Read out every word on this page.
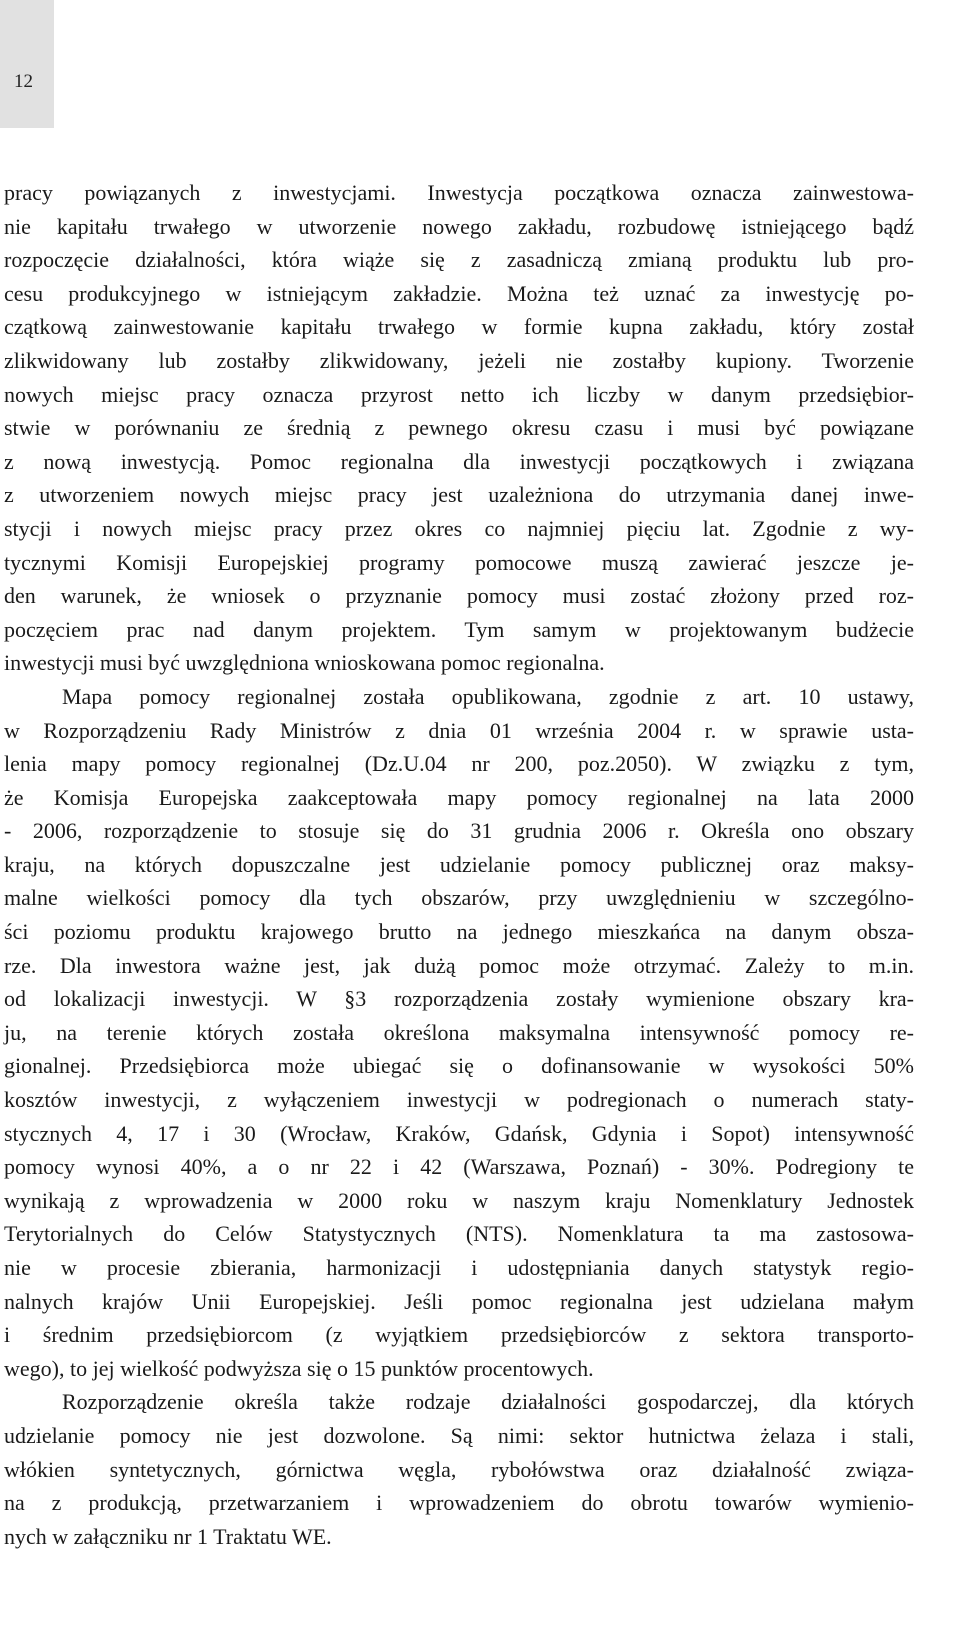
12
pracy powiązanych z inwestycjami. Inwestycja początkowa oznacza zainwestowa-
nie kapitału trwałego w utworzenie nowego zakładu, rozbudowę istniejącego bądź
rozpoczęcie działalności, która wiąże się z zasadniczą zmianą produktu lub pro-
cesu produkcyjnego w istniejącym zakładzie. Można też uznać za inwestycję po-
czątkową zainwestowanie kapitału trwałego w formie kupna zakładu, który został
zlikwidowany lub zostałby zlikwidowany, jeżeli nie zostałby kupiony. Tworzenie
nowych miejsc pracy oznacza przyrost netto ich liczby w danym przedsiębior-
stwie w porównaniu ze średnią z pewnego okresu czasu i musi być powiązane
z nową inwestycją. Pomoc regionalna dla inwestycji początkowych i związana
z utworzeniem nowych miejsc pracy jest uzależniona do utrzymania danej inwe-
stycji i nowych miejsc pracy przez okres co najmniej pięciu lat. Zgodnie z wy-
tycznymi Komisji Europejskiej programy pomocowe muszą zawierać jeszcze je-
den warunek, że wniosek o przyznanie pomocy musi zostać złożony przed roz-
poczęciem prac nad danym projektem. Tym samym w projektowanym budżecie
inwestycji musi być uwzględniona wnioskowana pomoc regionalna.
Mapa pomocy regionalnej została opublikowana, zgodnie z art. 10 ustawy,
w Rozporządzeniu Rady Ministrów z dnia 01 września 2004 r. w sprawie usta-
lenia mapy pomocy regionalnej (Dz.U.04 nr 200, poz.2050). W związku z tym,
że Komisja Europejska zaakceptowała mapy pomocy regionalnej na lata 2000
- 2006, rozporządzenie to stosuje się do 31 grudnia 2006 r. Określa ono obszary
kraju, na których dopuszczalne jest udzielanie pomocy publicznej oraz maksy-
malne wielkości pomocy dla tych obszarów, przy uwzględnieniu w szczególno-
ści poziomu produktu krajowego brutto na jednego mieszkańca na danym obsza-
rze. Dla inwestora ważne jest, jak dużą pomoc może otrzymać. Zależy to m.in.
od lokalizacji inwestycji. W §3 rozporządzenia zostały wymienione obszary kra-
ju, na terenie których została określona maksymalna intensywność pomocy re-
gionalnej. Przedsiębiorca może ubiegać się o dofinansowanie w wysokości 50%
kosztów inwestycji, z wyłączeniem inwestycji w podregionach o numerach staty-
stycznych 4, 17 i 30 (Wrocław, Kraków, Gdańsk, Gdynia i Sopot) intensywność
pomocy wynosi 40%, a o nr 22 i 42 (Warszawa, Poznań) - 30%. Podregiony te
wynikają z wprowadzenia w 2000 roku w naszym kraju Nomenklatury Jednostek
Terytorialnych do Celów Statystycznych (NTS). Nomenklatura ta ma zastosowa-
nie w procesie zbierania, harmonizacji i udostępniania danych statystyk regio-
nalnych krajów Unii Europejskiej. Jeśli pomoc regionalna jest udzielana małym
i średnim przedsiębiorcom (z wyjątkiem przedsiębiorców z sektora transporto-
wego), to jej wielkość podwyższa się o 15 punktów procentowych.
Rozporządzenie określa także rodzaje działalności gospodarczej, dla których
udzielanie pomocy nie jest dozwolone. Są nimi: sektor hutnictwa żelaza i stali,
włókien syntetycznych, górnictwa węgla, rybołówstwa oraz działalność związa-
na z produkcją, przetwarzaniem i wprowadzeniem do obrotu towarów wymienio-
nych w załączniku nr 1 Traktatu WE.
